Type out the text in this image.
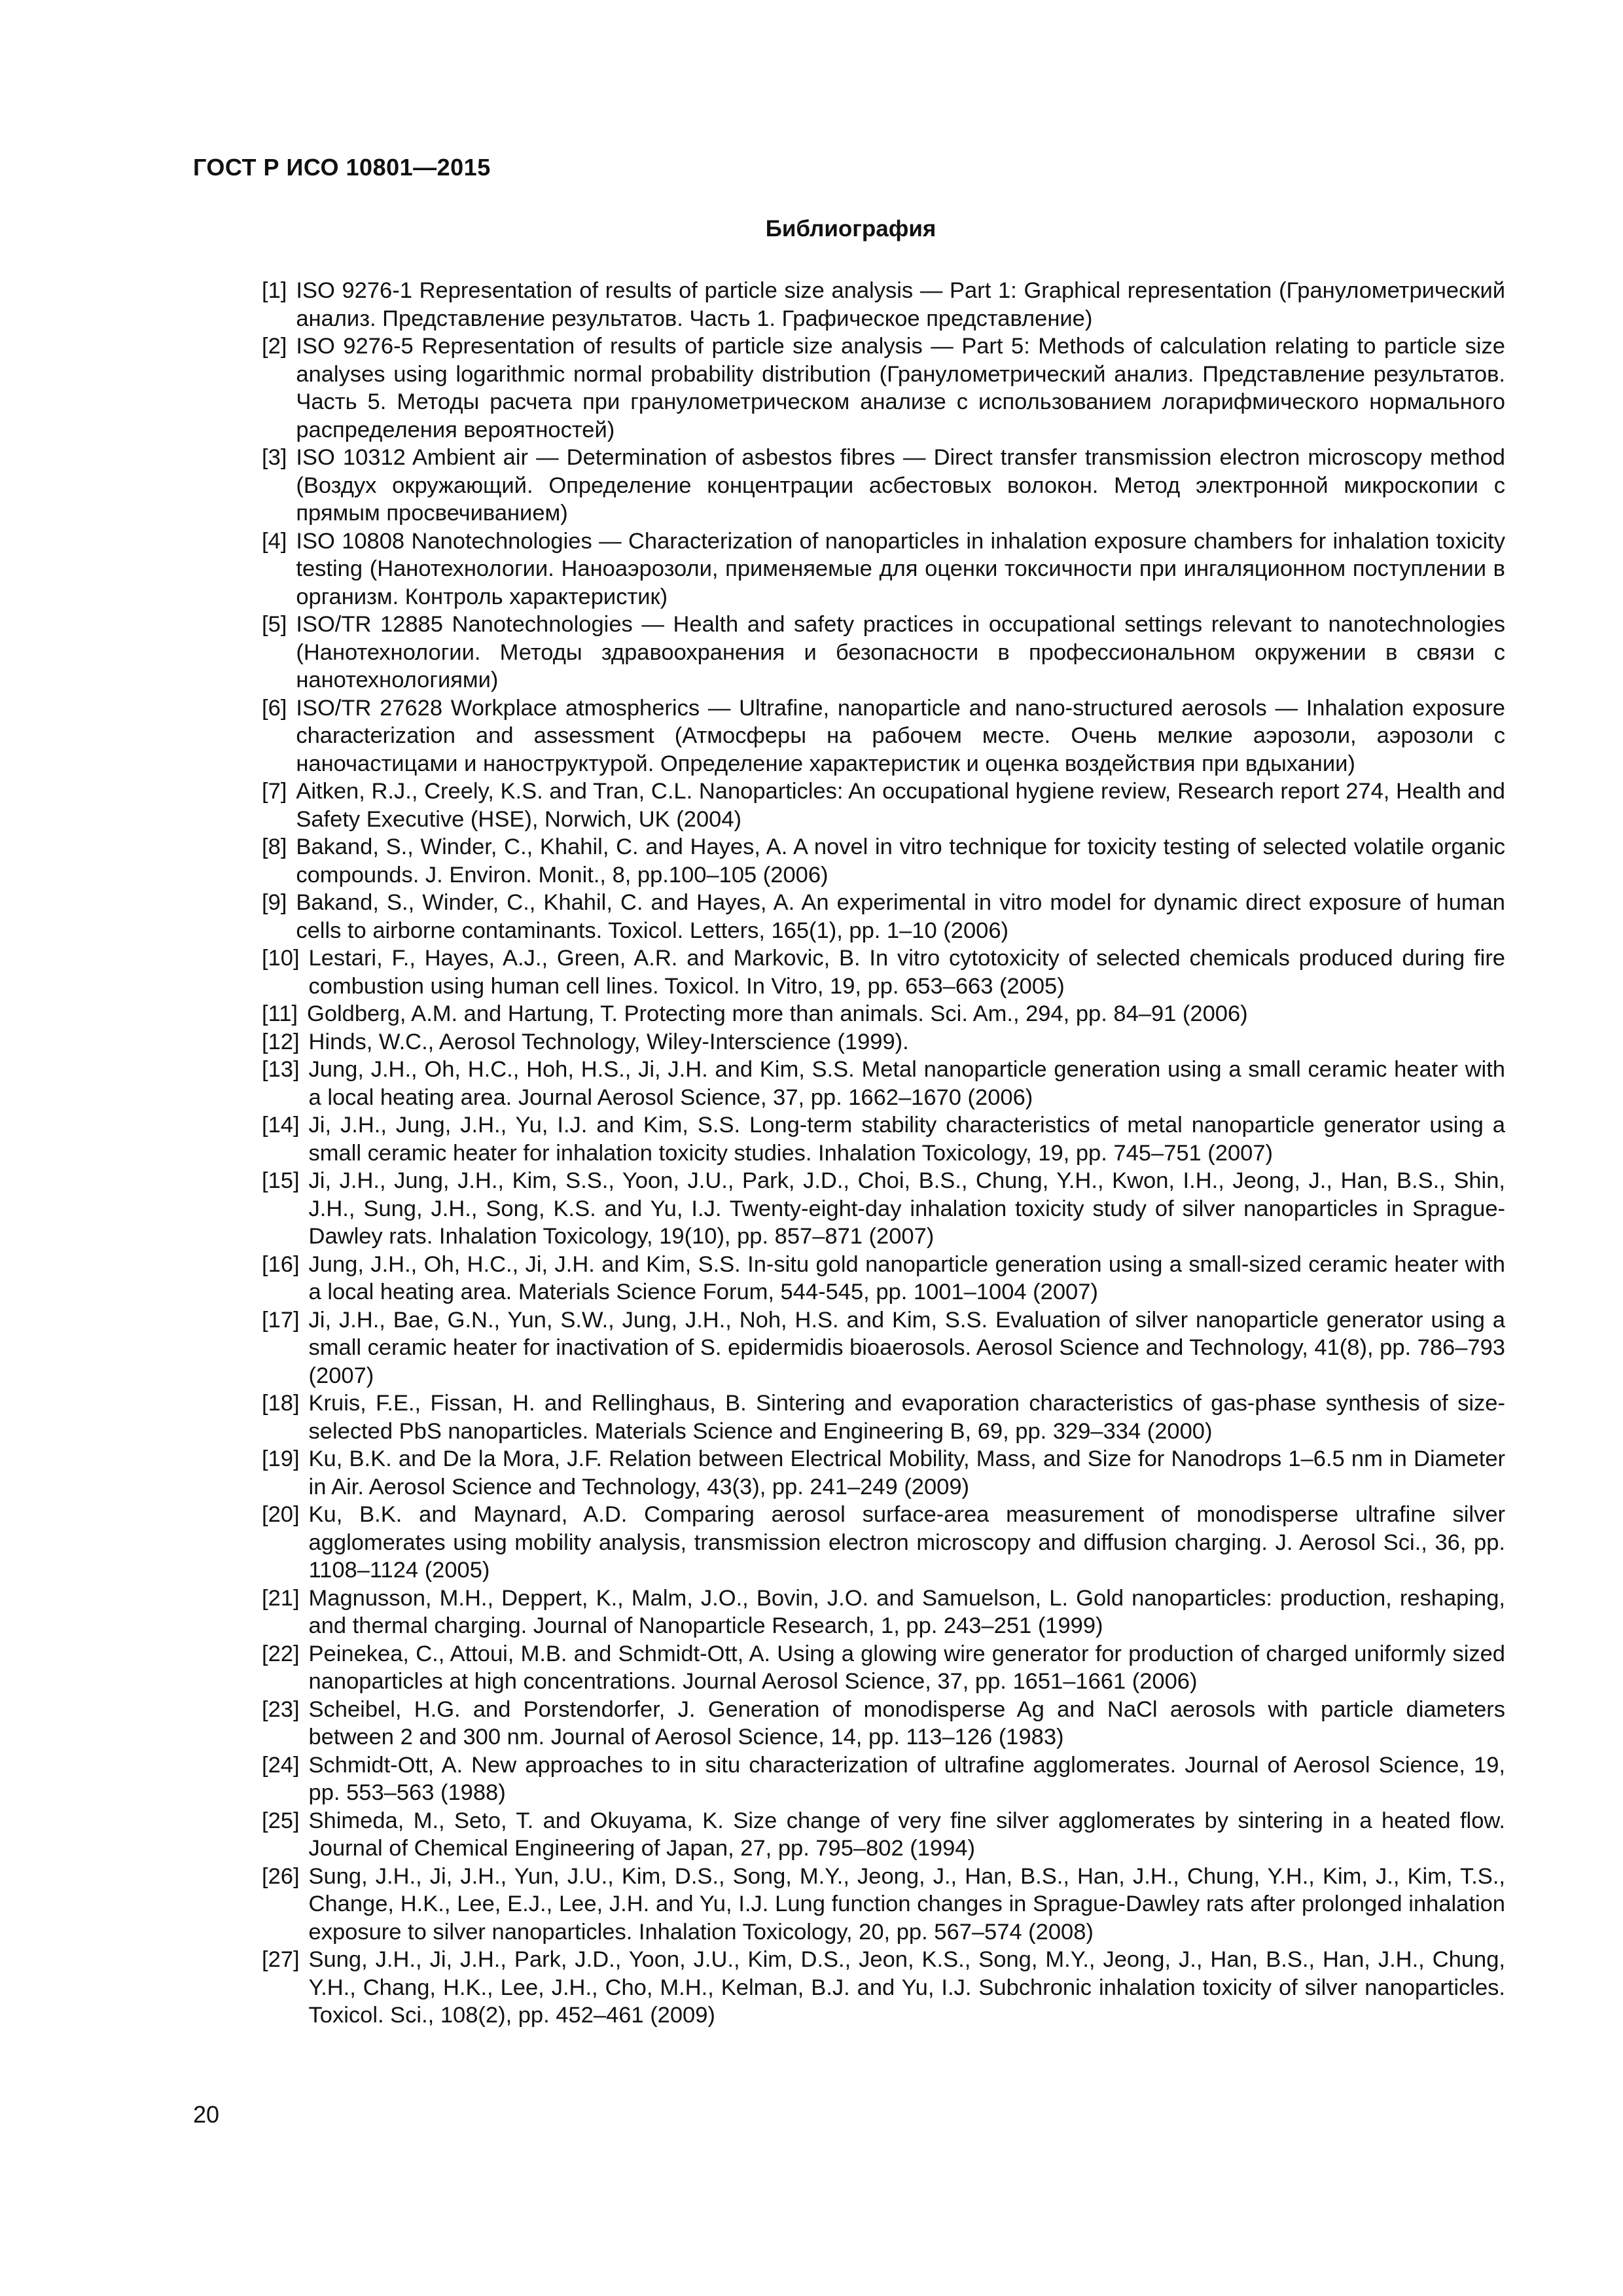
ГОСТ Р ИСО 10801—2015
Библиография
[1] ISO 9276-1 Representation of results of particle size analysis — Part 1: Graphical representation (Гранулометрический анализ. Представление результатов. Часть 1. Графическое представление)
[2] ISO 9276-5 Representation of results of particle size analysis — Part 5: Methods of calculation relating to particle size analyses using logarithmic normal probability distribution (Гранулометрический анализ. Представление результатов. Часть 5. Методы расчета при гранулометрическом анализе с использованием логарифмического нормального распределения вероятностей)
[3] ISO 10312 Ambient air — Determination of asbestos fibres — Direct transfer transmission electron microscopy method (Воздух окружающий. Определение концентрации асбестовых волокон. Метод электронной микроскопии с прямым просвечиванием)
[4] ISO 10808 Nanotechnologies — Characterization of nanoparticles in inhalation exposure chambers for inhalation toxicity testing (Нанотехнологии. Наноаэрозоли, применяемые для оценки токсичности при ингаляционном поступлении в организм. Контроль характеристик)
[5] ISO/TR 12885 Nanotechnologies — Health and safety practices in occupational settings relevant to nanotechnologies (Нанотехнологии. Методы здравоохранения и безопасности в профессиональном окружении в связи с нанотехнологиями)
[6] ISO/TR 27628 Workplace atmospherics — Ultrafine, nanoparticle and nano-structured aerosols — Inhalation exposure characterization and assessment (Атмосферы на рабочем месте. Очень мелкие аэрозоли, аэрозоли с наночастицами и наноструктурой. Определение характеристик и оценка воздействия при вдыхании)
[7] Aitken, R.J., Creely, K.S. and Tran, C.L. Nanoparticles: An occupational hygiene review, Research report 274, Health and Safety Executive (HSE), Norwich, UK (2004)
[8] Bakand, S., Winder, C., Khahil, C. and Hayes, A. A novel in vitro technique for toxicity testing of selected volatile organic compounds. J. Environ. Monit., 8, pp.100–105 (2006)
[9] Bakand, S., Winder, C., Khahil, C. and Hayes, A. An experimental in vitro model for dynamic direct exposure of human cells to airborne contaminants. Toxicol. Letters, 165(1), pp. 1–10 (2006)
[10] Lestari, F., Hayes, A.J., Green, A.R. and Markovic, B. In vitro cytotoxicity of selected chemicals produced during fire combustion using human cell lines. Toxicol. In Vitro, 19, pp. 653–663 (2005)
[11] Goldberg, A.M. and Hartung, T. Protecting more than animals. Sci. Am., 294, pp. 84–91 (2006)
[12] Hinds, W.C., Aerosol Technology, Wiley-Interscience (1999).
[13] Jung, J.H., Oh, H.C., Hoh, H.S., Ji, J.H. and Kim, S.S. Metal nanoparticle generation using a small ceramic heater with a local heating area. Journal Aerosol Science, 37, pp. 1662–1670 (2006)
[14] Ji, J.H., Jung, J.H., Yu, I.J. and Kim, S.S. Long-term stability characteristics of metal nanoparticle generator using a small ceramic heater for inhalation toxicity studies. Inhalation Toxicology, 19, pp. 745–751 (2007)
[15] Ji, J.H., Jung, J.H., Kim, S.S., Yoon, J.U., Park, J.D., Choi, B.S., Chung, Y.H., Kwon, I.H., Jeong, J., Han, B.S., Shin, J.H., Sung, J.H., Song, K.S. and Yu, I.J. Twenty-eight-day inhalation toxicity study of silver nanoparticles in Sprague-Dawley rats. Inhalation Toxicology, 19(10), pp. 857–871 (2007)
[16] Jung, J.H., Oh, H.C., Ji, J.H. and Kim, S.S. In-situ gold nanoparticle generation using a small-sized ceramic heater with a local heating area. Materials Science Forum, 544-545, pp. 1001–1004 (2007)
[17] Ji, J.H., Bae, G.N., Yun, S.W., Jung, J.H., Noh, H.S. and Kim, S.S. Evaluation of silver nanoparticle generator using a small ceramic heater for inactivation of S. epidermidis bioaerosols. Aerosol Science and Technology, 41(8), pp. 786–793 (2007)
[18] Kruis, F.E., Fissan, H. and Rellinghaus, B. Sintering and evaporation characteristics of gas-phase synthesis of size-selected PbS nanoparticles. Materials Science and Engineering B, 69, pp. 329–334 (2000)
[19] Ku, B.K. and De la Mora, J.F. Relation between Electrical Mobility, Mass, and Size for Nanodrops 1–6.5 nm in Diameter in Air. Aerosol Science and Technology, 43(3), pp. 241–249 (2009)
[20] Ku, B.K. and Maynard, A.D. Comparing aerosol surface-area measurement of monodisperse ultrafine silver agglomerates using mobility analysis, transmission electron microscopy and diffusion charging. J. Aerosol Sci., 36, pp. 1108–1124 (2005)
[21] Magnusson, M.H., Deppert, K., Malm, J.O., Bovin, J.O. and Samuelson, L. Gold nanoparticles: production, reshaping, and thermal charging. Journal of Nanoparticle Research, 1, pp. 243–251 (1999)
[22] Peinekea, C., Attoui, M.B. and Schmidt-Ott, A. Using a glowing wire generator for production of charged uniformly sized nanoparticles at high concentrations. Journal Aerosol Science, 37, pp. 1651–1661 (2006)
[23] Scheibel, H.G. and Porstendorfer, J. Generation of monodisperse Ag and NaCl aerosols with particle diameters between 2 and 300 nm. Journal of Aerosol Science, 14, pp. 113–126 (1983)
[24] Schmidt-Ott, A. New approaches to in situ characterization of ultrafine agglomerates. Journal of Aerosol Science, 19, pp. 553–563 (1988)
[25] Shimeda, M., Seto, T. and Okuyama, K. Size change of very fine silver agglomerates by sintering in a heated flow. Journal of Chemical Engineering of Japan, 27, pp. 795–802 (1994)
[26] Sung, J.H., Ji, J.H., Yun, J.U., Kim, D.S., Song, M.Y., Jeong, J., Han, B.S., Han, J.H., Chung, Y.H., Kim, J., Kim, T.S., Change, H.K., Lee, E.J., Lee, J.H. and Yu, I.J. Lung function changes in Sprague-Dawley rats after prolonged inhalation exposure to silver nanoparticles. Inhalation Toxicology, 20, pp. 567–574 (2008)
[27] Sung, J.H., Ji, J.H., Park, J.D., Yoon, J.U., Kim, D.S., Jeon, K.S., Song, M.Y., Jeong, J., Han, B.S., Han, J.H., Chung, Y.H., Chang, H.K., Lee, J.H., Cho, M.H., Kelman, B.J. and Yu, I.J. Subchronic inhalation toxicity of silver nanoparticles. Toxicol. Sci., 108(2), pp. 452–461 (2009)
20
